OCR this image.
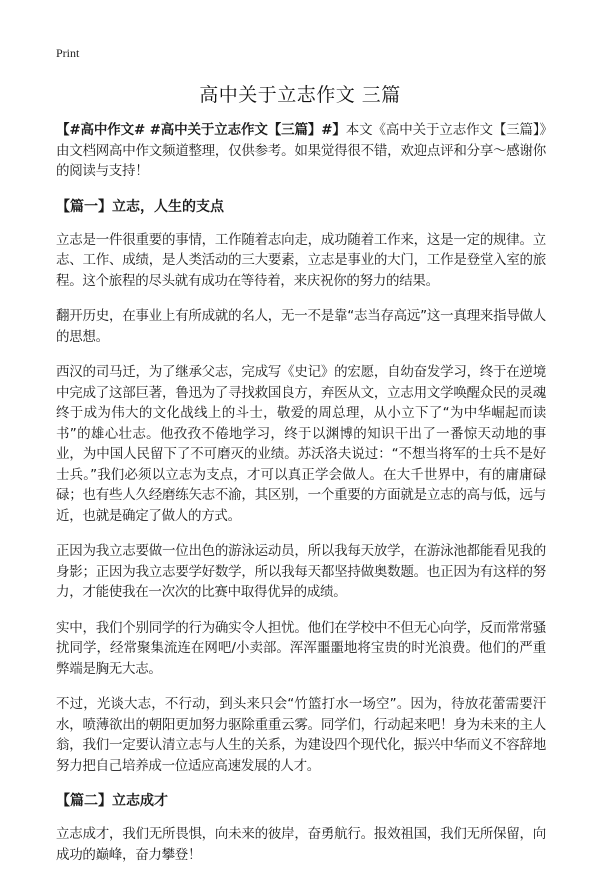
Print
高中关于立志作文 三篇

【#高中作文# #高中关于立志作文【三篇】#】本文《高中关于立志作文【三篇】》由文档网高中作文频道整理，仅供参考。如果觉得很不错，欢迎点评和分享～感谢你的阅读与支持！

【篇一】立志，人生的支点

立志是一件很重要的事情，工作随着志向走，成功随着工作来，这是一定的规律。立志、工作、成绩，是人类活动的三大要素，立志是事业的大门，工作是登堂入室的旅程。这个旅程的尽头就有成功在等待着，来庆祝你的努力的结果。

翻开历史，在事业上有所成就的名人，无一不是靠“志当存高远”这一真理来指导做人的思想。

西汉的司马迁，为了继承父志，完成写《史记》的宏愿，自幼奋发学习，终于在逆境中完成了这部巨著，鲁迅为了寻找救国良方，弃医从文，立志用文学唤醒众民的灵魂终于成为伟大的文化战线上的斗士，敬爱的周总理，从小立下了“为中华崛起而读书”的雄心壮志。他孜孜不倦地学习，终于以渊博的知识干出了一番惊天动地的事业，为中国人民留下了不可磨灭的业绩。苏沃洛夫说过：“不想当将军的士兵不是好士兵。”我们必须以立志为支点，才可以真正学会做人。在大千世界中，有的庸庸碌碌；也有些人久经磨练矢志不渝，其区别，一个重要的方面就是立志的高与低，远与近，也就是确定了做人的方式。

正因为我立志要做一位出色的游泳运动员，所以我每天放学，在游泳池都能看见我的身影；正因为我立志要学好数学，所以我每天都坚持做奥数题。也正因为有这样的努力，才能使我在一次次的比赛中取得优异的成绩。

实中，我们个别同学的行为确实令人担忧。他们在学校中不但无心向学，反而常常骚扰同学，经常聚集流连在网吧/小卖部。浑浑噩噩地将宝贵的时光浪费。他们的严重弊端是胸无大志。

不过，光谈大志，不行动，到头来只会“竹篮打水一场空”。因为，待放花蕾需要汗水，喷薄欲出的朝阳更加努力驱除重重云雾。同学们，行动起来吧！身为未来的主人翁，我们一定要认清立志与人生的关系，为建设四个现代化，振兴中华而义不容辞地努力把自己培养成一位适应高速发展的人才。

【篇二】立志成才

立志成才，我们无所畏惧，向未来的彼岸，奋勇航行。报效祖国，我们无所保留，向成功的巅峰，奋力攀登！
